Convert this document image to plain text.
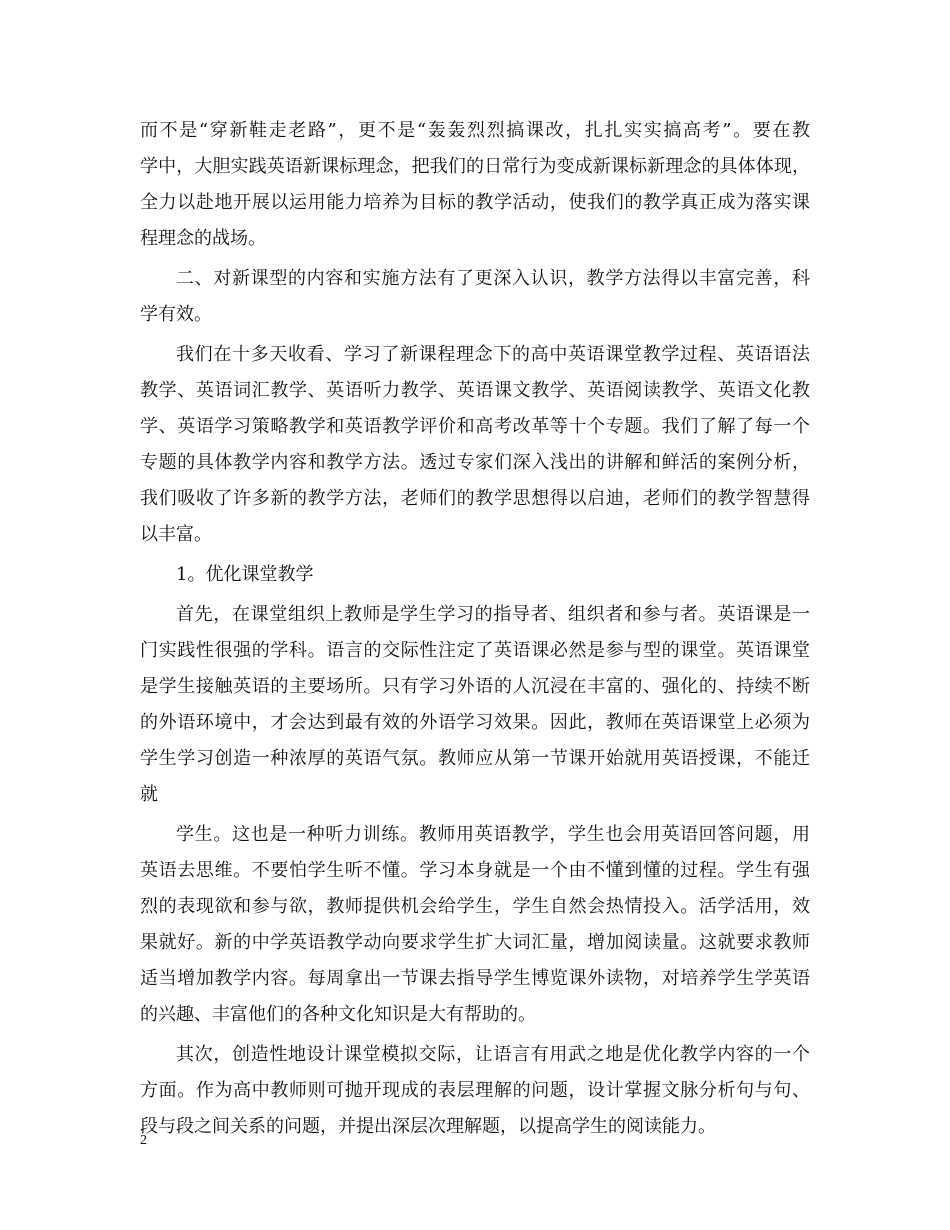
而不是“穿新鞋走老路”，更不是“轰轰烈烈搞课改，扎扎实实搞高考”。要在教
学中，大胆实践英语新课标理念，把我们的日常行为变成新课标新理念的具体体现，
全力以赴地开展以运用能力培养为目标的教学活动，使我们的教学真正成为落实课
程理念的战场。
二、对新课型的内容和实施方法有了更深入认识，教学方法得以丰富完善，科
学有效。
我们在十多天收看、学习了新课程理念下的高中英语课堂教学过程、英语语法
教学、英语词汇教学、英语听力教学、英语课文教学、英语阅读教学、英语文化教
学、英语学习策略教学和英语教学评价和高考改革等十个专题。我们了解了每一个
专题的具体教学内容和教学方法。透过专家们深入浅出的讲解和鲜活的案例分析，
我们吸收了许多新的教学方法，老师们的教学思想得以启迪，老师们的教学智慧得
以丰富。
1。优化课堂教学
首先，在课堂组织上教师是学生学习的指导者、组织者和参与者。英语课是一
门实践性很强的学科。语言的交际性注定了英语课必然是参与型的课堂。英语课堂
是学生接触英语的主要场所。只有学习外语的人沉浸在丰富的、强化的、持续不断
的外语环境中，才会达到最有效的外语学习效果。因此，教师在英语课堂上必须为
学生学习创造一种浓厚的英语气氛。教师应从第一节课开始就用英语授课，不能迁
就
学生。这也是一种听力训练。教师用英语教学，学生也会用英语回答问题，用
英语去思维。不要怕学生听不懂。学习本身就是一个由不懂到懂的过程。学生有强
烈的表现欲和参与欲，教师提供机会给学生，学生自然会热情投入。活学活用，效
果就好。新的中学英语教学动向要求学生扩大词汇量，增加阅读量。这就要求教师
适当增加教学内容。每周拿出一节课去指导学生博览课外读物，对培养学生学英语
的兴趣、丰富他们的各种文化知识是大有帮助的。
其次，创造性地设计课堂模拟交际，让语言有用武之地是优化教学内容的一个
方面。作为高中教师则可抛开现成的表层理解的问题，设计掌握文脉分析句与句、
段与段之间关系的问题，并提出深层次理解题，以提高学生的阅读能力。
2
